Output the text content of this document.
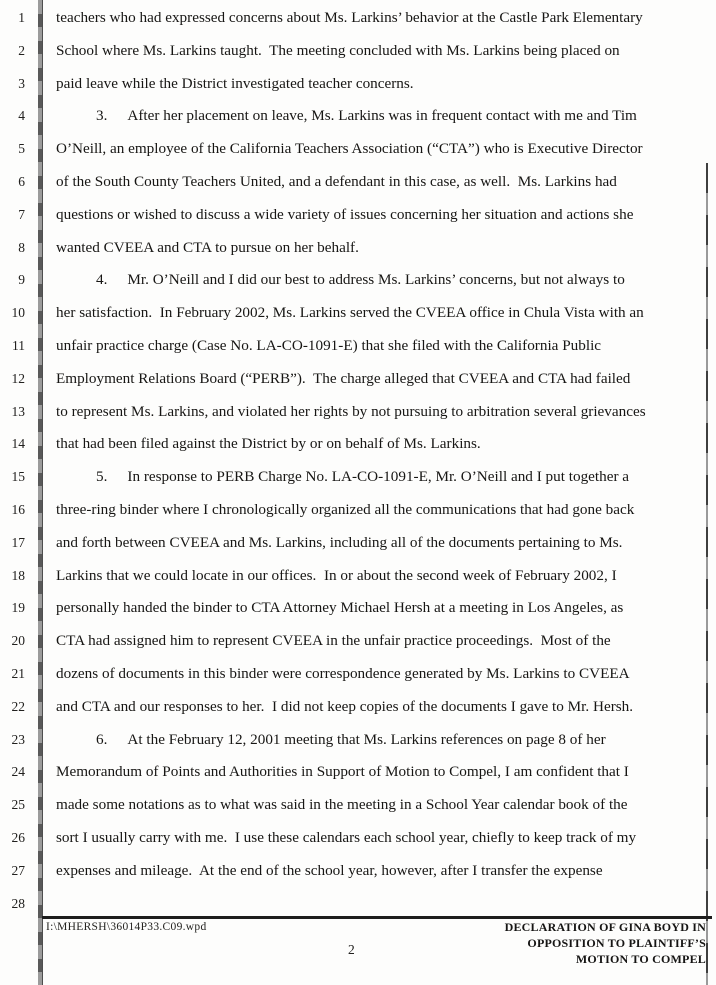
1
2
3
4
5
6
7
8
9
10
11
12
13
14
15
16
17
18
19
20
21
22
23
24
25
26
27
28
teachers who had expressed concerns about Ms. Larkins’ behavior at the Castle Park Elementary
School where Ms. Larkins taught.  The meeting concluded with Ms. Larkins being placed on
paid leave while the District investigated teacher concerns.
3. After her placement on leave, Ms. Larkins was in frequent contact with me and Tim
O’Neill, an employee of the California Teachers Association (“CTA”) who is Executive Director
of the South County Teachers United, and a defendant in this case, as well.  Ms. Larkins had
questions or wished to discuss a wide variety of issues concerning her situation and actions she
wanted CVEEA and CTA to pursue on her behalf.
4. Mr. O’Neill and I did our best to address Ms. Larkins’ concerns, but not always to
her satisfaction.  In February 2002, Ms. Larkins served the CVEEA office in Chula Vista with an
unfair practice charge (Case No. LA-CO-1091-E) that she filed with the California Public
Employment Relations Board (“PERB”).  The charge alleged that CVEEA and CTA had failed
to represent Ms. Larkins, and violated her rights by not pursuing to arbitration several grievances
that had been filed against the District by or on behalf of Ms. Larkins.
5. In response to PERB Charge No. LA-CO-1091-E, Mr. O’Neill and I put together a
three-ring binder where I chronologically organized all the communications that had gone back
and forth between CVEEA and Ms. Larkins, including all of the documents pertaining to Ms.
Larkins that we could locate in our offices.  In or about the second week of February 2002, I
personally handed the binder to CTA Attorney Michael Hersh at a meeting in Los Angeles, as
CTA had assigned him to represent CVEEA in the unfair practice proceedings.  Most of the
dozens of documents in this binder were correspondence generated by Ms. Larkins to CVEEA
and CTA and our responses to her.  I did not keep copies of the documents I gave to Mr. Hersh.
6. At the February 12, 2001 meeting that Ms. Larkins references on page 8 of her
Memorandum of Points and Authorities in Support of Motion to Compel, I am confident that I
made some notations as to what was said in the meeting in a School Year calendar book of the
sort I usually carry with me.  I use these calendars each school year, chiefly to keep track of my
expenses and mileage.  At the end of the school year, however, after I transfer the expense
I:\MHERSH\36014P33.C09.wpd	DECLARATION OF GINA BOYD IN
OPPOSITION TO PLAINTIFF’S
MOTION TO COMPEL
2
